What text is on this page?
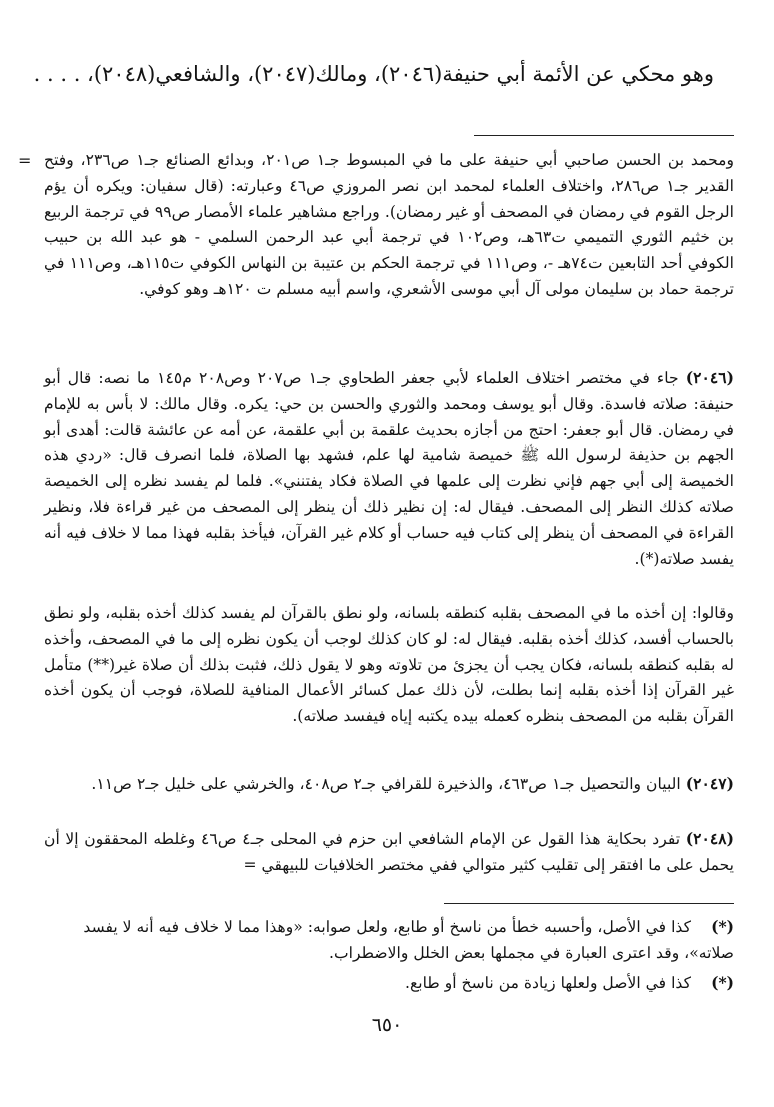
وهو محكي عن الأئمة أبي حنيفة(٢٠٤٦)، ومالك(٢٠٤٧)، والشافعي(٢٠٤٨)، . . . .
= ومحمد بن الحسن صاحبي أبي حنيفة على ما في المبسوط جـ١ ص٢٠١، وبدائع الصنائع جـ١ ص٢٣٦، وفتح القدير جـ١ ص٢٨٦، واختلاف العلماء لمحمد ابن نصر المروزي ص٤٦ وعبارته: (قال سفيان: ويكره أن يؤم الرجل القوم في رمضان في المصحف أو غير رمضان). وراجع مشاهير علماء الأمصار ص٩٩ في ترجمة الربيع بن خثيم الثوري التميمي ت٦٣هـ، وص١٠٢ في ترجمة أبي عبد الرحمن السلمي - هو عبد الله بن حبيب الكوفي أحد التابعين ت٧٤هـ -، وص١١١ في ترجمة الحكم بن عتيبة بن النهاس الكوفي ت١١٥هـ، وص١١١ في ترجمة حماد بن سليمان مولى آل أبي موسى الأشعري، واسم أبيه مسلم ت ١٢٠هـ وهو كوفي.
(٢٠٤٦) جاء في مختصر اختلاف العلماء لأبي جعفر الطحاوي جـ١ ص٢٠٧ وص٢٠٨ م١٤٥ ما نصه: قال أبو حنيفة: صلاته فاسدة. وقال أبو يوسف ومحمد والثوري والحسن بن حي: يكره. وقال مالك: لا بأس به للإمام في رمضان. قال أبو جعفر: احتج من أجازه بحديث علقمة بن أبي علقمة، عن أمه عن عائشة قالت: أهدى أبو الجهم بن حذيفة لرسول الله ﷺ خميصة شامية لها علم، فشهد بها الصلاة، فلما انصرف قال: «ردي هذه الخميصة إلى أبي جهم فإني نظرت إلى علمها في الصلاة فكاد يفتنني». فلما لم يفسد نظره إلى الخميصة صلاته كذلك النظر إلى المصحف. فيقال له: إن نظير ذلك أن ينظر إلى المصحف من غير قراءة فلا، ونظير القراءة في المصحف أن ينظر إلى كتاب فيه حساب أو كلام غير القرآن، فيأخذ بقلبه فهذا مما لا خلاف فيه أنه يفسد صلاته(*).
وقالوا: إن أخذه ما في المصحف بقلبه كنطقه بلسانه، ولو نطق بالقرآن لم يفسد كذلك أخذه بقلبه، ولو نطق بالحساب أفسد، كذلك أخذه بقلبه. فيقال له: لو كان كذلك لوجب أن يكون نظره إلى ما في المصحف، وأخذه له بقلبه كنطقه بلسانه، فكان يجب أن يجزئ من تلاوته وهو لا يقول ذلك، فثبت بذلك أن صلاة غير(**) متأمل غير القرآن إذا أخذه بقلبه إنما بطلت، لأن ذلك عمل كسائر الأعمال المنافية للصلاة، فوجب أن يكون أخذه القرآن بقلبه من المصحف بنظره كعمله بيده يكتبه إياه فيفسد صلاته).
(٢٠٤٧) البيان والتحصيل جـ١ ص٤٦٣، والذخيرة للقرافي جـ٢ ص٤٠٨، والخرشي على خليل جـ٢ ص١١.
(٢٠٤٨) تفرد بحكاية هذا القول عن الإمام الشافعي ابن حزم في المحلى جـ٤ ص٤٦ وغلطه المحققون إلا أن يحمل على ما افتقر إلى تقليب كثير متوالي ففي مختصر الخلافيات للبيهقي =
(*) كذا في الأصل، وأحسبه خطأ من ناسخ أو طابع، ولعل صوابه: «وهذا مما لا خلاف فيه أنه لا يفسد صلاته»، وقد اعترى العبارة في مجملها بعض الخلل والاضطراب.
(*) كذا في الأصل ولعلها زيادة من ناسخ أو طابع.
٦٥٠
